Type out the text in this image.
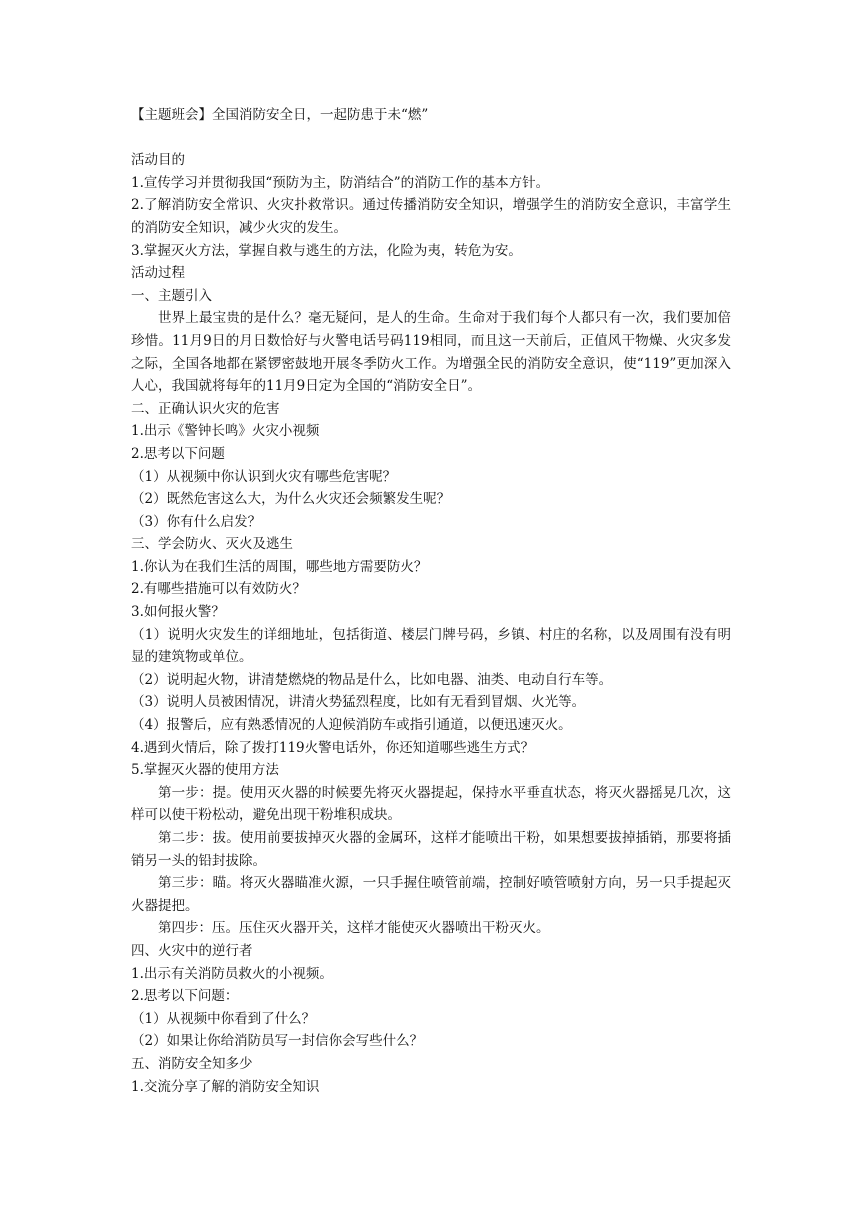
【主题班会】全国消防安全日，一起防患于未“燃”
活动目的
1.宣传学习并贯彻我国“预防为主，防消结合”的消防工作的基本方针。
2.了解消防安全常识、火灾扑救常识。通过传播消防安全知识，增强学生的消防安全意识，丰富学生的消防安全知识，减少火灾的发生。
3.掌握灭火方法，掌握自救与逃生的方法，化险为夷，转危为安。
活动过程
一、主题引入
世界上最宝贵的是什么？毫无疑问，是人的生命。生命对于我们每个人都只有一次，我们要加倍珍惜。11月9日的月日数恰好与火警电话号码119相同，而且这一天前后，正值风干物燥、火灾多发之际，全国各地都在紧锣密鼓地开展冬季防火工作。为增强全民的消防安全意识，使“119”更加深入人心，我国就将每年的11月9日定为全国的“消防安全日”。
二、正确认识火灾的危害
1.出示《警钟长鸣》火灾小视频
2.思考以下问题
（1）从视频中你认识到火灾有哪些危害呢？
（2）既然危害这么大，为什么火灾还会频繁发生呢？
（3）你有什么启发？
三、学会防火、灭火及逃生
1.你认为在我们生活的周围，哪些地方需要防火？
2.有哪些措施可以有效防火？
3.如何报火警？
（1）说明火灾发生的详细地址，包括街道、楼层门牌号码，乡镇、村庄的名称，以及周围有没有明显的建筑物或单位。
（2）说明起火物，讲清楚燃烧的物品是什么，比如电器、油类、电动自行车等。
（3）说明人员被困情况，讲清火势猛烈程度，比如有无看到冒烟、火光等。
（4）报警后，应有熟悉情况的人迎候消防车或指引通道，以便迅速灭火。
4.遇到火情后，除了拨打119火警电话外，你还知道哪些逃生方式？
5.掌握灭火器的使用方法
第一步：提。使用灭火器的时候要先将灭火器提起，保持水平垂直状态，将灭火器摇晃几次，这样可以使干粉松动，避免出现干粉堆积成块。
第二步：拔。使用前要拔掉灭火器的金属环，这样才能喷出干粉，如果想要拔掉插销，那要将插销另一头的铅封拔除。
第三步：瞄。将灭火器瞄准火源，一只手握住喷管前端，控制好喷管喷射方向，另一只手提起灭火器提把。
第四步：压。压住灭火器开关，这样才能使灭火器喷出干粉灭火。
四、火灾中的逆行者
1.出示有关消防员救火的小视频。
2.思考以下问题：
（1）从视频中你看到了什么？
（2）如果让你给消防员写一封信你会写些什么？
五、消防安全知多少
1.交流分享了解的消防安全知识
